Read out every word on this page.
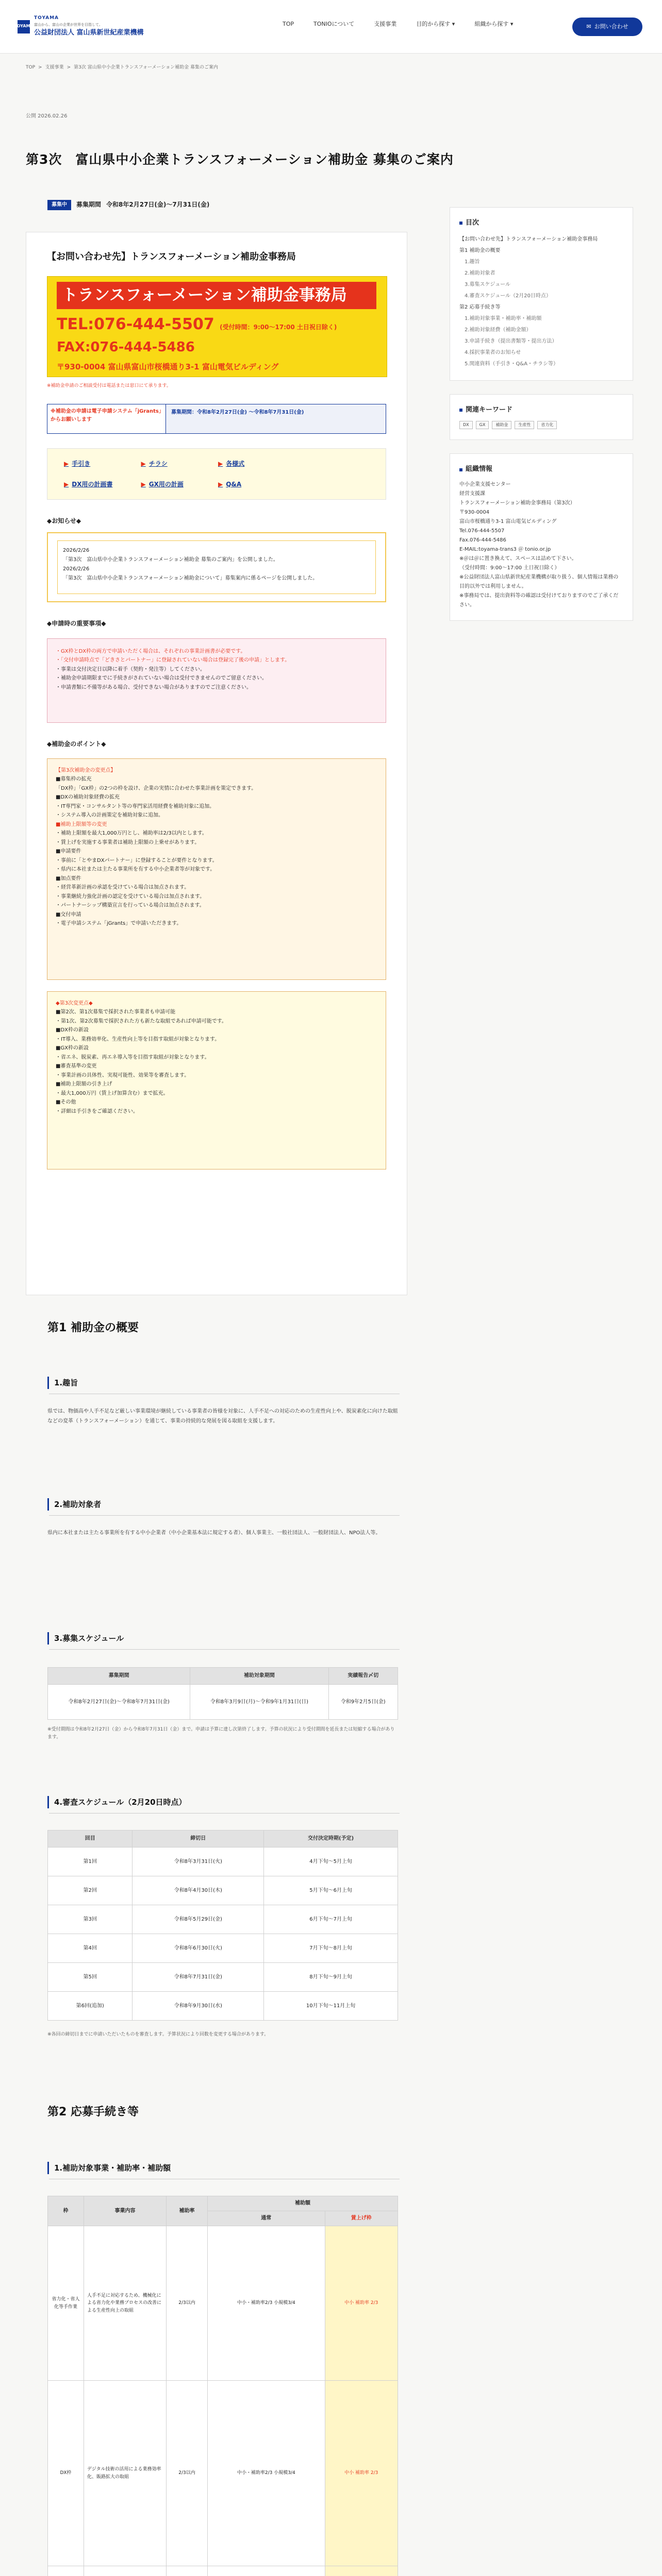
TOYAMA
TOYAMA
富山から、富山の企業が世界を目指して。
公益財団法人 富山県新世紀産業機構
TOP	TONIOについて	支援事業	目的から探す ▾	組織から探す ▾	✉ お問い合わせ
TOP > 支援事業 > 第3次 富山県中小企業トランスフォーメーション補助金 募集のご案内
公開 2026.02.26
第3次　富山県中小企業トランスフォーメーション補助金 募集のご案内
募集中	募集期間 令和8年2月27日(金)～7月31日(金)
【お問い合わせ先】トランスフォーメーション補助金事務局
トランスフォーメーション補助金事務局
TEL:076-444-5507 (受付時間：9:00～17:00 土日祝日除く)
FAX:076-444-5486
〒930-0004 富山県富山市桜橋通り3-1 富山電気ビルディング
※補助金申請のご相談受付は電話または窓口にて承ります。
※補助金の申請は電子申請システム「jGrants」からお願いします
募集期間：令和8年2月27日(金) ～令和8年7月31日(金)
▶ 手引き	▶ チラシ	▶ 各様式
▶ DX用の計画書	▶ GX用の計画	▶ Q&A
◆お知らせ◆
2026/2/26
「第3次　富山県中小企業トランスフォーメーション補助金 募集のご案内」を公開しました。
2026/2/26
「第3次　富山県中小企業トランスフォーメーション補助金について」募集案内に係るページを公開しました。
◆申請時の重要事項◆
・GX枠とDX枠の両方で申請いただく場合は、それぞれの事業計画書が必要です。
・「交付申請時点で「どきさとパートナー」に登録されていない場合は登録完了後の申請」とします。
・事業は交付決定日以降に着手（契約・発注等）してください。
・補助金申請期限までに手続きがされていない場合は受付できませんのでご留意ください。
・申請書類に不備等がある場合、受付できない場合がありますのでご注意ください。
◆補助金のポイント◆
【第3次補助金の変更点】
■募集枠の拡充
「DX枠」「GX枠」の2つの枠を設け、企業の実情に合わせた事業計画を策定できます。
■DXの補助対象経費の拡充
・IT専門家・コンサルタント等の専門家活用経費を補助対象に追加。
・システム導入の計画策定を補助対象に追加。
■補助上限額等の変更
・補助上限額を最大1,000万円とし、補助率は2/3以内とします。
・賃上げを実施する事業者は補助上限額の上乗せがあります。
■申請要件
・事前に「とやまDXパートナー」に登録することが要件となります。
・県内に本社または主たる事業所を有する中小企業者等が対象です。
■加点要件
・経営革新計画の承認を受けている場合は加点されます。
・事業継続力強化計画の認定を受けている場合は加点されます。
・パートナーシップ構築宣言を行っている場合は加点されます。
■交付申請
・電子申請システム「jGrants」で申請いただきます。
◆第3次変更点◆
■第2次、第1次募集で採択された事業者も申請可能
・第1次、第2次募集で採択された方も新たな取組であれば申請可能です。
■DX枠の新設
・IT導入、業務効率化、生産性向上等を目指す取組が対象となります。
■GX枠の新設
・省エネ、脱炭素、再エネ導入等を目指す取組が対象となります。
■審査基準の変更
・事業計画の具体性、実現可能性、効果等を審査します。
■補助上限額の引き上げ
・最大1,000万円（賃上げ加算含む）まで拡充。
■その他
・詳細は手引きをご確認ください。
目次
【お問い合わせ先】トランスフォーメーション補助金事務局
第1 補助金の概要
1.趣旨
2.補助対象者
3.募集スケジュール
4.審査スケジュール（2月20日時点）
第2 応募手続き等
1.補助対象事業・補助率・補助額
2.補助対象経費（補助金額）
3.申請手続き（提出書類等・提出方法）
4.採択事業者のお知らせ
5.関連資料（手引き・Q&A・チラシ等）
関連キーワード
DX	GX	補助金	生産性	省力化
組織情報
中小企業支援センター
経営支援課
トランスフォーメーション補助金事務局（第3次）
〒930-0004
富山市桜橋通り3-1 富山電気ビルディング
Tel.076-444-5507
Fax.076-444-5486
E-MAIL:toyama-trans3 ＠ tonio.or.jp
※＠は＠に置き換えて、スペースは詰めて下さい。
（受付時間：9:00～17:00 土日祝日除く）
※公益財団法人富山県新世紀産業機構が取り扱う、個人情報は業務の目的以外では利用しません。
※事務局では、提出資料等の確認は受付けておりますのでご了承ください。
第1 補助金の概要
1.趣旨
県では、物価高や人手不足など厳しい事業環境が継続している事業者の皆様を対象に、人手不足への対応のための生産性向上や、脱炭素化に向けた取組などの変革（トランスフォーメーション）を通じて、事業の持続的な発展を図る取組を支援します。
2.補助対象者
県内に本社または主たる事業所を有する中小企業者（中小企業基本法に規定する者）、個人事業主、一般社団法人、一般財団法人、NPO法人等。
3.募集スケジュール
募集期間	補助対象期間	実績報告〆切
令和8年2月27日(金)～令和8年7月31日(金)	令和8年3月9日(月)～令和9年1月31日(日)	令和9年2月5日(金)
※受付期間は令和8年2月27日（金）から令和8年7月31日（金）まで。申請は予算に達し次第終了します。予算の状況により受付期間を延長または短縮する場合があります。
4.審査スケジュール（2月20日時点）
回目	締切日	交付決定時期(予定)
第1回	令和8年3月31日(火)	4月下旬～5月上旬
第2回	令和8年4月30日(木)	5月下旬～6月上旬
第3回	令和8年5月29日(金)	6月下旬～7月上旬
第4回	令和8年6月30日(火)	7月下旬～8月上旬
第5回	令和8年7月31日(金)	8月下旬～9月上旬
第6回(追加)	令和8年9月30日(水)	10月下旬～11月上旬
※各回の締切日までに申請いただいたものを審査します。予算状況により回数を変更する場合があります。
第2 応募手続き等
1.補助対象事業・補助率・補助額
枠	事業内容	補助率	補助額	
			通常	賃上げ枠
省力化・省人化等手作業	人手不足に対応するため、機械化による省力化や業務プロセスの改善による生産性向上の取組	2/3以内	中小・補助率2/3 小規模3/4	中小 補助率 2/3
DX枠	デジタル技術の活用による業務効率化、販路拡大の取組	2/3以内	中小・補助率2/3 小規模3/4	中小 補助率 2/3
